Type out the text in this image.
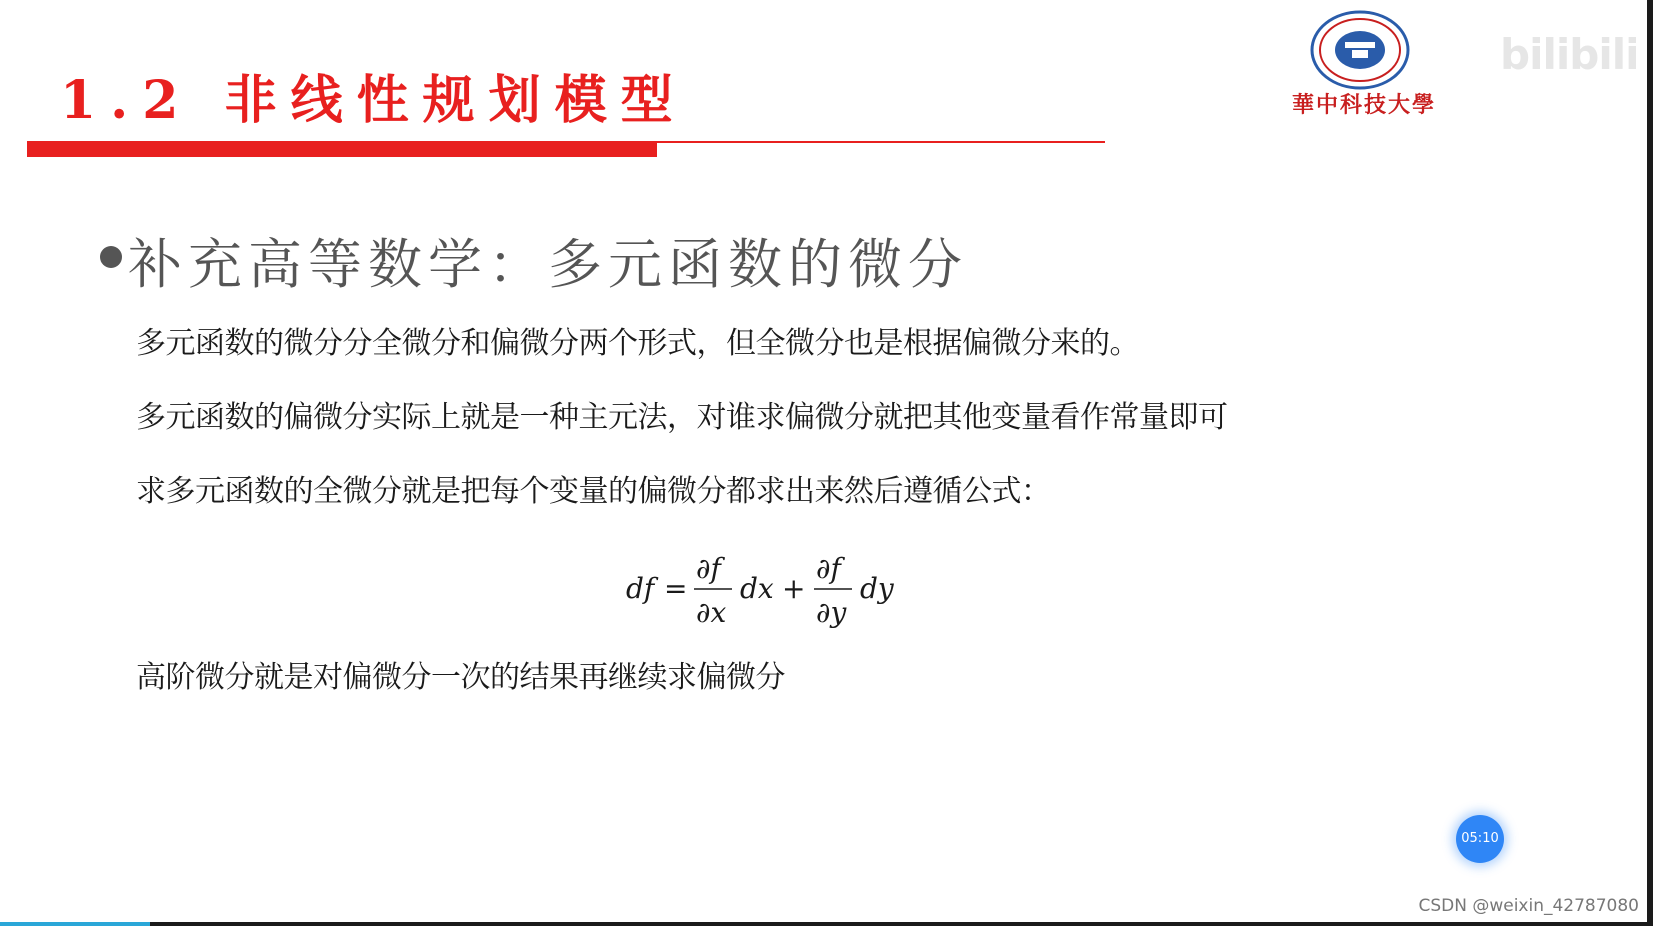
1.2 非线性规划模型	華中科技大學
bilibili
补充高等数学：多元函数的微分
多元函数的微分分全微分和偏微分两个形式，但全微分也是根据偏微分来的。
多元函数的偏微分实际上就是一种主元法，对谁求偏微分就把其他变量看作常量即可
求多元函数的全微分就是把每个变量的偏微分都求出来然后遵循公式：
df =
∂f
∂x
dx +
∂f
∂y
dy
高阶微分就是对偏微分一次的结果再继续求偏微分
05:10
CSDN @weixin_42787080
